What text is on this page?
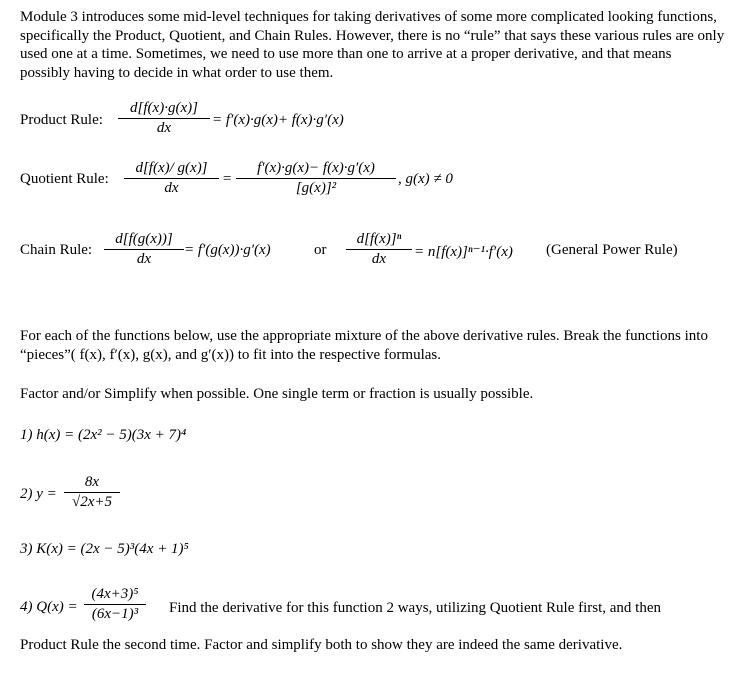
Module 3 introduces some mid-level techniques for taking derivatives of some more complicated looking functions, specifically the Product, Quotient, and Chain Rules. However, there is no “rule” that says these various rules are only used one at a time. Sometimes, we need to use more than one to arrive at a proper derivative, and that means possibly having to decide in what order to use them.
Product Rule:
d[f(x)·g(x)]
dx	= f′(x)·g(x)+ f(x)·g′(x)
Quotient Rule:
d[f(x)/ g(x)]
dx
=
f′(x)·g(x)− f(x)·g′(x)
[g(x)]²
, g(x) ≠ 0
Chain Rule:
d[f(g(x))]
dx
= f′(g(x))·g′(x)	or
d[f(x)]ⁿ
dx	= n[f(x)]ⁿ⁻¹·f′(x) (General Power Rule)
For each of the functions below, use the appropriate mixture of the above derivative rules. Break the functions into “pieces”( f(x), f′(x), g(x), and g′(x)) to fit into the respective formulas.
Factor and/or Simplify when possible. One single term or fraction is usually possible.
1) h(x) = (2x² − 5)(3x + 7)⁴
2) y =
8x
√2x+5
3) K(x) = (2x − 5)³(4x + 1)⁵
4) Q(x) =
(4x+3)⁵
(6x−1)³	Find the derivative for this function 2 ways, utilizing Quotient Rule first, and then
Product Rule the second time. Factor and simplify both to show they are indeed the same derivative.
